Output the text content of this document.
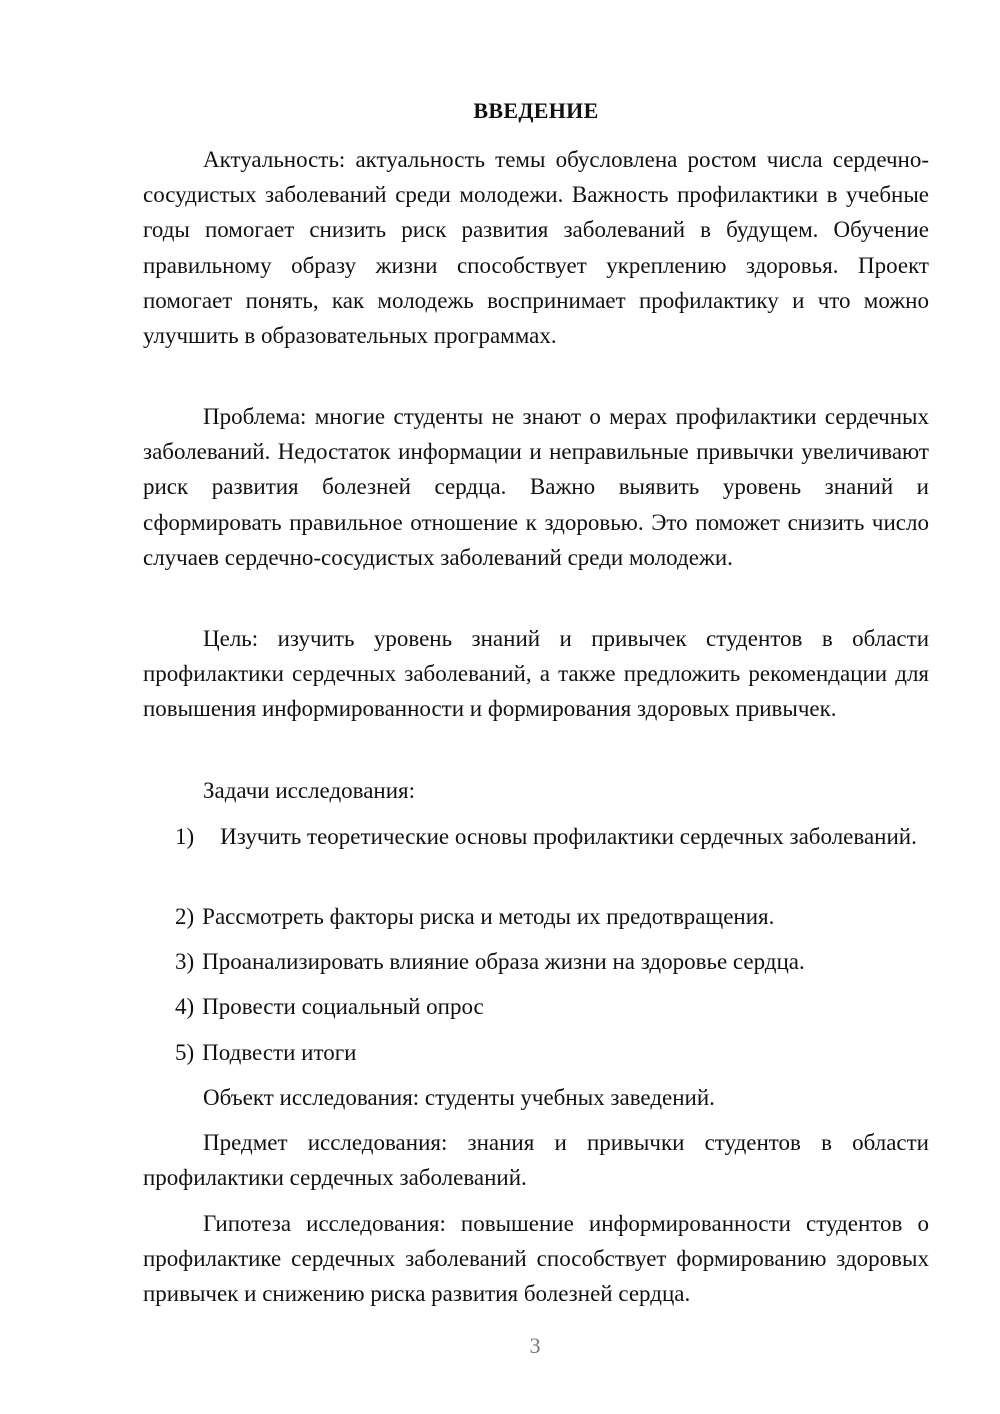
ВВЕДЕНИЕ

Актуальность: актуальность темы обусловлена ростом числа сердечно-сосудистых заболеваний среди молодежи. Важность профилактики в учебные годы помогает снизить риск развития заболеваний в будущем. Обучение правильному образу жизни способствует укреплению здоровья. Проект помогает понять, как молодежь воспринимает профилактику и что можно улучшить в образовательных программах.

Проблема: многие студенты не знают о мерах профилактики сердечных заболеваний. Недостаток информации и неправильные привычки увеличивают риск развития болезней сердца. Важно выявить уровень знаний и сформировать правильное отношение к здоровью. Это поможет снизить число случаев сердечно-сосудистых заболеваний среди молодежи.

Цель: изучить уровень знаний и привычек студентов в области профилактики сердечных заболеваний, а также предложить рекомендации для повышения информированности и формирования здоровых привычек.

Задачи исследования:

1) Изучить теоретические основы профилактики сердечных заболеваний.

2) Рассмотреть факторы риска и методы их предотвращения.

3) Проанализировать влияние образа жизни на здоровье сердца.

4) Провести социальный опрос

5) Подвести итоги

Объект исследования: студенты учебных заведений.

Предмет исследования: знания и привычки студентов в области профилактики сердечных заболеваний.

Гипотеза исследования: повышение информированности студентов о профилактике сердечных заболеваний способствует формированию здоровых привычек и снижению риска развития болезней сердца.

3
